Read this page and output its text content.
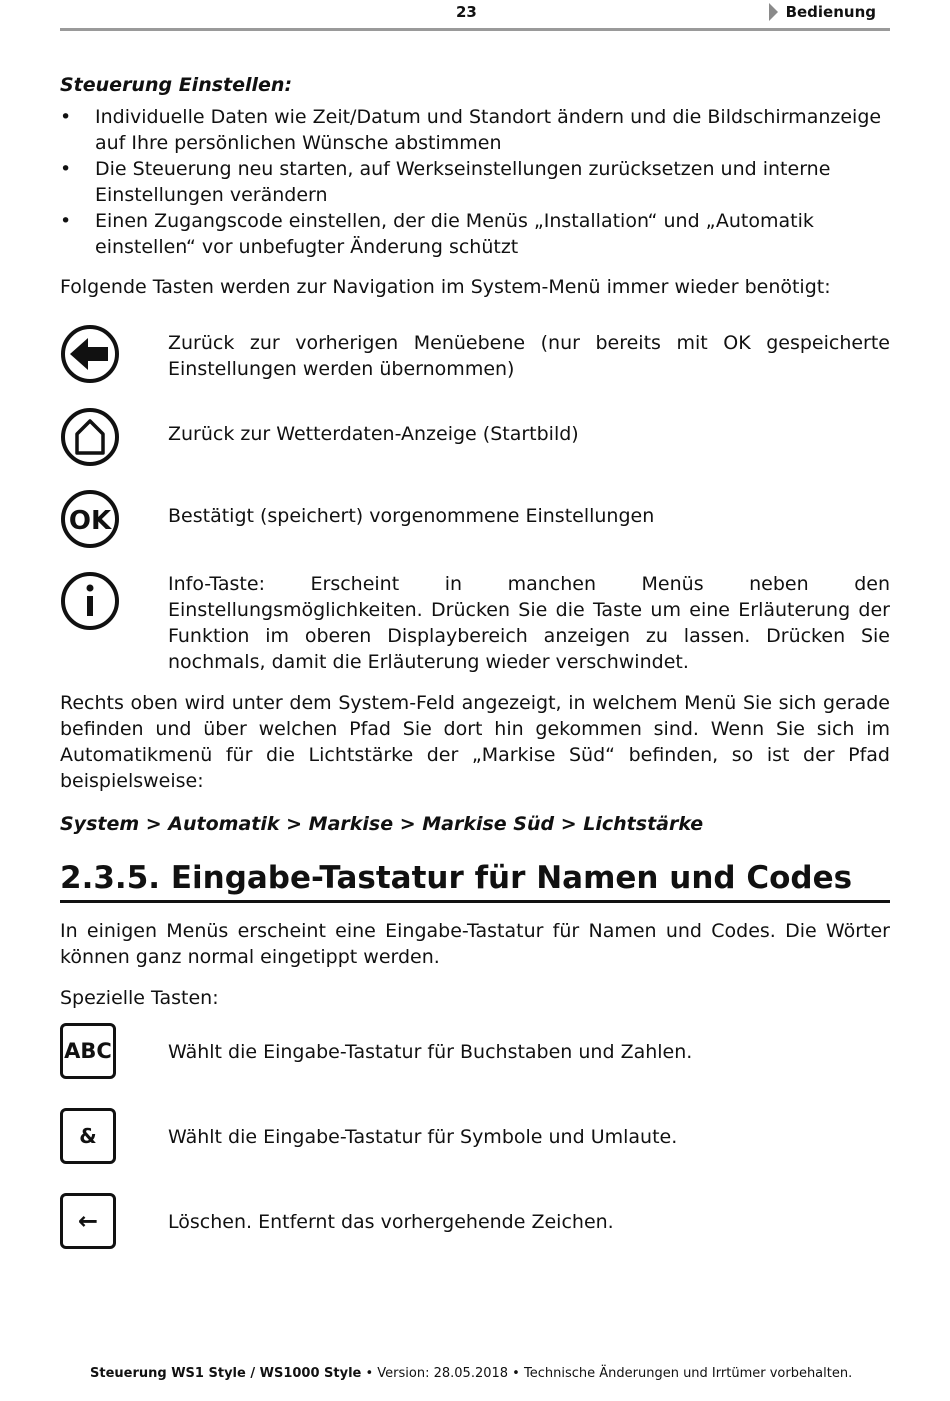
23	Bedienung
Steuerung Einstellen:
• Individuelle Daten wie Zeit/Datum und Standort ändern und die Bildschirmanzeige auf Ihre persönlichen Wünsche abstimmen
• Die Steuerung neu starten, auf Werkseinstellungen zurücksetzen und interne Einstellungen verändern
• Einen Zugangscode einstellen, der die Menüs „Installation“ und „Automatik einstellen“ vor unbefugter Änderung schützt

Folgende Tasten werden zur Navigation im System-Menü immer wieder benötigt:

Zurück zur vorherigen Menüebene (nur bereits mit OK gespeicherte Einstellungen werden übernommen)
Zurück zur Wetterdaten-Anzeige (Startbild)
OK	Bestätigt (speichert) vorgenommene Einstellungen
Info-Taste: Erscheint in manchen Menüs neben den Einstellungsmöglichkeiten. Drücken Sie die Taste um eine Erläuterung der Funktion im oberen Displaybereich anzeigen zu lassen. Drücken Sie nochmals, damit die Erläuterung wieder verschwindet.

Rechts oben wird unter dem System-Feld angezeigt, in welchem Menü Sie sich gerade befinden und über welchen Pfad Sie dort hin gekommen sind. Wenn Sie sich im Automatikmenü für die Lichtstärke der „Markise Süd“ befinden, so ist der Pfad beispielsweise:

System > Automatik > Markise > Markise Süd > Lichtstärke
2.3.5. Eingabe-Tastatur für Namen und Codes

In einigen Menüs erscheint eine Eingabe-Tastatur für Namen und Codes. Die Wörter können ganz normal eingetippt werden.

Spezielle Tasten:

ABC	Wählt die Eingabe-Tastatur für Buchstaben und Zahlen.
&	Wählt die Eingabe-Tastatur für Symbole und Umlaute.
←	Löschen. Entfernt das vorhergehende Zeichen.
Steuerung WS1 Style / WS1000 Style • Version: 28.05.2018 • Technische Änderungen und Irrtümer vorbehalten.
